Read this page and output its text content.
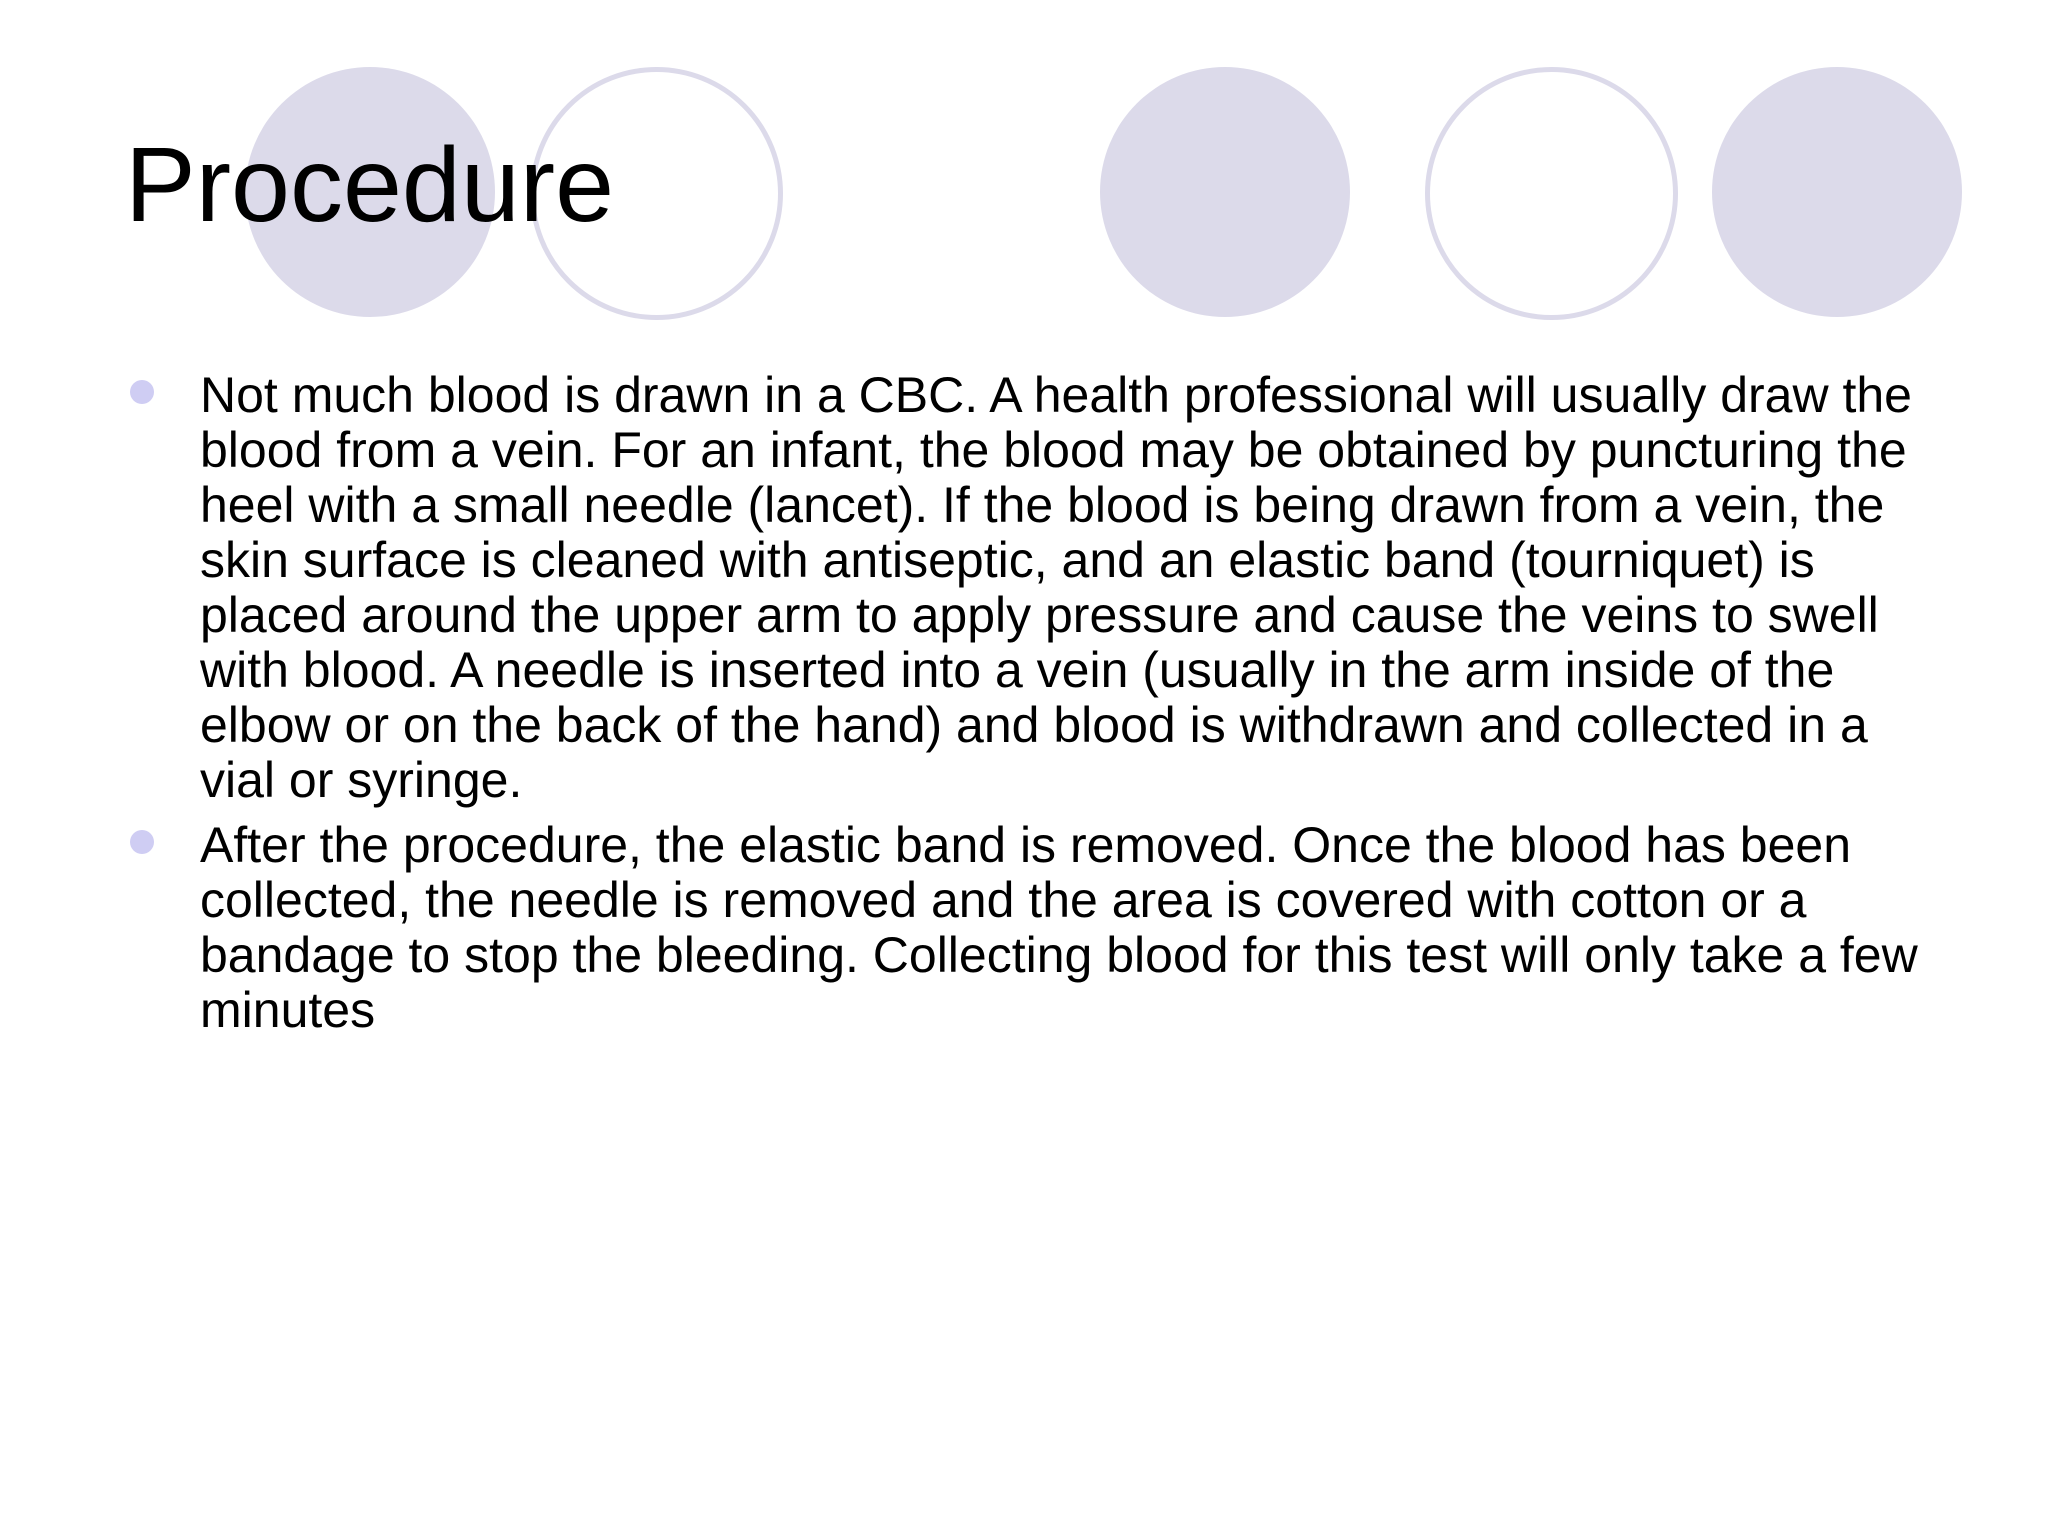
Procedure
Not much blood is drawn in a CBC. A health professional will usually draw the blood from a vein. For an infant, the blood may be obtained by puncturing the heel with a small needle (lancet). If the blood is being drawn from a vein, the skin surface is cleaned with antiseptic, and an elastic band (tourniquet) is placed around the upper arm to apply pressure and cause the veins to swell with blood. A needle is inserted into a vein (usually in the arm inside of the elbow or on the back of the hand) and blood is withdrawn and collected in a vial or syringe.
After the procedure, the elastic band is removed. Once the blood has been collected, the needle is removed and the area is covered with cotton or a bandage to stop the bleeding. Collecting blood for this test will only take a few minutes
